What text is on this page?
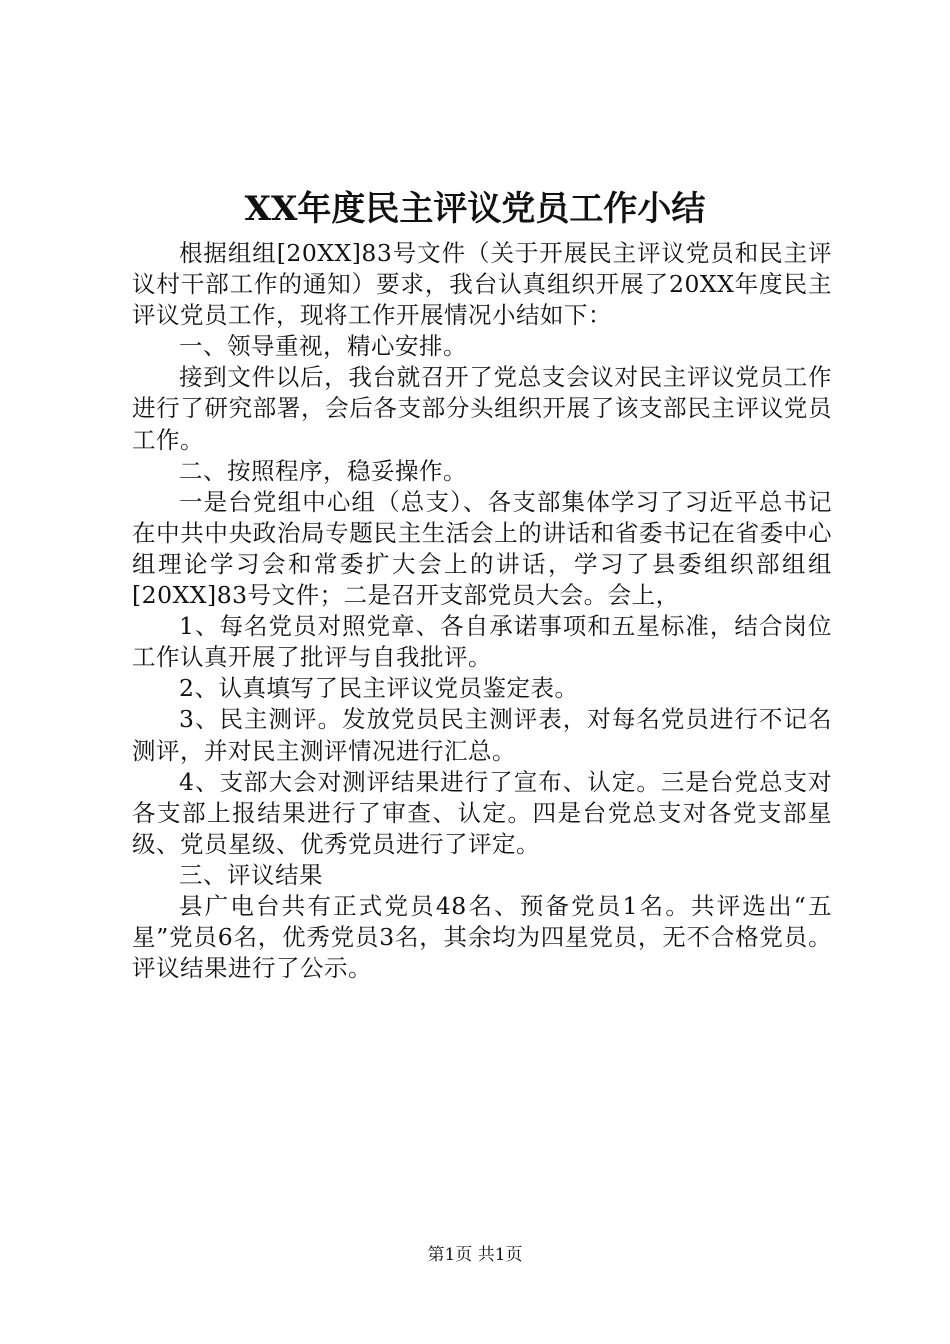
XX年度民主评议党员工作小结

根据组组[20XX]83号文件（关于开展民主评议党员和民主评议村干部工作的通知）要求，我台认真组织开展了20XX年度民主评议党员工作，现将工作开展情况小结如下：

一、领导重视，精心安排。

接到文件以后，我台就召开了党总支会议对民主评议党员工作进行了研究部署，会后各支部分头组织开展了该支部民主评议党员工作。

二、按照程序，稳妥操作。

一是台党组中心组（总支）、各支部集体学习了习近平总书记在中共中央政治局专题民主生活会上的讲话和省委书记在省委中心组理论学习会和常委扩大会上的讲话，学习了县委组织部组组[20XX]83号文件；二是召开支部党员大会。会上，

1、每名党员对照党章、各自承诺事项和五星标准，结合岗位工作认真开展了批评与自我批评。

2、认真填写了民主评议党员鉴定表。

3、民主测评。发放党员民主测评表，对每名党员进行不记名测评，并对民主测评情况进行汇总。

4、支部大会对测评结果进行了宣布、认定。三是台党总支对各支部上报结果进行了审查、认定。四是台党总支对各党支部星级、党员星级、优秀党员进行了评定。

三、评议结果

县广电台共有正式党员48名、预备党员1名。共评选出“五星”党员6名，优秀党员3名，其余均为四星党员，无不合格党员。评议结果进行了公示。

第1页 共1页
